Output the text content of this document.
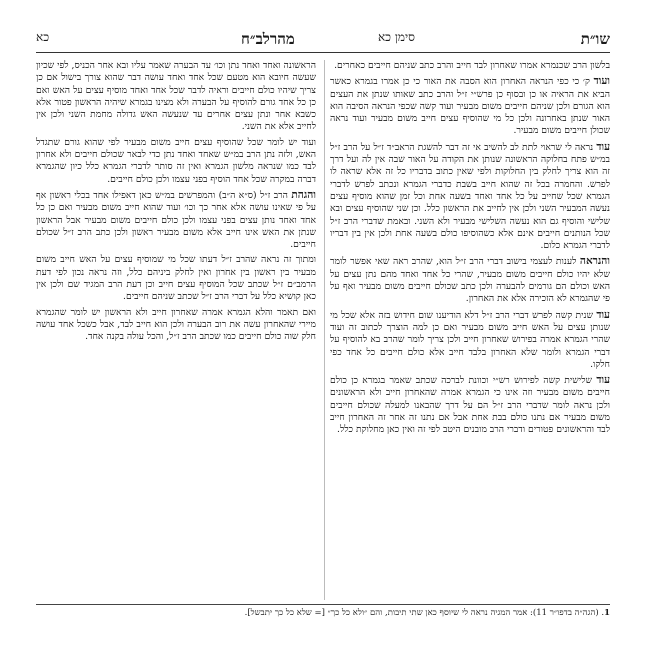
שו״ת
סימן כא
מהרלב״ח
כא

בלשון הרב שכנמרא אמרו שאחרון לבד חייב והרב כתב שניהם חייבים כאחרים.

ועוד ק׳ כי כפי הנראה האחרון הוא הסבה את האור כי כן אמרו בגמרא כאשר הביא את הראיה או כן ובסוף כן פרש״י ז״ל והרב כתב שאותו שנתן את העצים הוא הגורם ולכן שניהם חייבים משום מבעיר ועוד קשה שכפי הנראה הסיבה הוא האור שנתן באחרונה ולכן כל מי שהוסיף עצים חייב משום מבעיר ועוד נראה שכולן חייבים משום מבעיר.

עוד נראה לי שראוי לתת לב להשיב אי זה דבר להשגת הראב״ד ז״ל על הרב ז״ל במ״ש פתח בחלוקה הראשונה שנותן את הקודה על האור שבה אין לה ועל דרך זה הוא צריך לחלק בין החלוקות ולפי שאין כתוב בדבריו כל זה אלא שראה לו לפרש. והחמרה בכל זה שהוא חייב בשבת כדברי הגמרא ונכתב לפרש לדברי הגמרא שכל שחייב על כל אחד ואחד בשעה אחת וכל זמן שהוא מוסיף עצים נעשה המבעיר השני ולכן אין לחייב את הראשון כלל. וכן שני שהוסיף עצים ובא שלישי והוסיף גם הוא נעשה השלישי מבעיר ולא השני. ובאמת שדברי הרב ז״ל שכל הנותנים חייבים אינם אלא כשהוסיפו כולם בשעה אחת ולכן אין בין דבריו לדברי הגמרא כלום.

והנראה לענות לעצמי בישוב דברי הרב ז״ל הוא, שהרב ראה שאי אפשר לומר שלא יהיו כולם חייבים משום מבעיר, שהרי כל אחד ואחד מהם נתן עצים על האש וכולם הם גורמים להבערה ולכן כתב שכולם חייבים משום מבעיר ואף על פי שהגמרא לא הזכירה אלא את האחרון.

עוד שנית קשה לפרש דברי הרב ז״ל דלא הודיענו שום חידוש בזה אלא שכל מי שנותן עצים על האש חייב משום מבעיר ואם כן למה הוצרך לכתוב זה ועוד שהרי הגמרא אמרה בפירוש שאחרון חייב ולכן צריך לומר שהרב בא להוסיף על דברי הגמרא ולומר שלא האחרון בלבד חייב אלא כולם חייבים כל אחד כפי חלקו.

עוד שלישית קשה לפירוש רש״י וכוונת לברכה שכתב שאמר בגמרא כן כולם חייבים משום מבעיר וזה אינו כי הגמרא אמרה שהאחרון חייב ולא הראשונים ולכן נראה לומר שדברי הרב ז״ל הם על דרך שהבאנו למעלה שכולם חייבים משום מבעיר אם נתנו כולם בבת אחת אבל אם נתנו זה אחר זה האחרון חייב לבד והראשונים פטורים ודברי הרב מובנים היטב לפי זה ואין כאן מחלוקת כלל.

הראשונה ואחד ואחד נתן וכו׳ עד הבערה שאמר עליו ובא אחר הכניס, לפי שכיון שעשה חיובא הוא מטעם שכל אחד ואחד עושה דבר שהוא צורך בישול אם כן צריך שיהיו כולם חייבים וראיה לדבר שכל אחד ואחד מוסיף עצים על האש ואם כן כל אחד גורם להוסיף על הבערה ולא מצינו בגמרא שיהיה הראשון פטור אלא כשבא אחר ונתן עצים אחרים עד שנעשה האש גדולה מחמת השני ולכן אין לחייב אלא את השני.

ועוד יש לומר שכל שהוסיף עצים חייב משום מבעיר לפי שהוא גורם שתגדל האש, ולזה נתן הרב במ״ש שאחד ואחד נתן כדי לבאר שכולם חייבים ולא אחרון לבד כמו שנראה מלשון הגמרא ואין זה סותר לדברי הגמרא כלל כיון שהגמרא דברה במקרה שכל אחד הוסיף בפני עצמו ולכן כולם חייבים.

והגהת הרב ז״ל (ס״א ה״ב) והמפרשים במ״ש כאן דאפילו אחד בכלי ראשון אף על פי שאינו עושה אלא אחר כך וכו׳ ועוד שהוא חייב משום מבעיר ואם כן כל אחד ואחד נותן עצים בפני עצמו ולכן כולם חייבים משום מבעיר אבל הראשון שנתן את האש אינו חייב אלא משום מבעיר ראשון ולכן כתב הרב ז״ל שכולם חייבים.

ומתוך זה נראה שהרב ז״ל דעתו שכל מי שמוסיף עצים על האש חייב משום מבעיר בין ראשון בין אחרון ואין לחלק ביניהם כלל, וזה נראה נכון לפי דעת הרמב״ם ז״ל שכתב שכל המוסיף עצים חייב וכן דעת הרב המגיד שם ולכן אין כאן קושיא כלל על דברי הרב ז״ל שכתב שניהם חייבים.

ואם תאמר והלא הגמרא אמרה שאחרון חייב ולא הראשון יש לומר שהגמרא מיירי שהאחרון עשה את רוב הבערה ולכן הוא חייב לבד, אבל כשכל אחד עושה חלק שוה כולם חייבים כמו שכתב הרב ז״ל, והכל עולה בקנה אחד.

1. (הגה״ה בדפו״ר 11): אמר המגיה נראה לי שיוסף כאן שתי תיבות, והם ״ולא כל כך״ [= שלא כל כך יתבשל].
